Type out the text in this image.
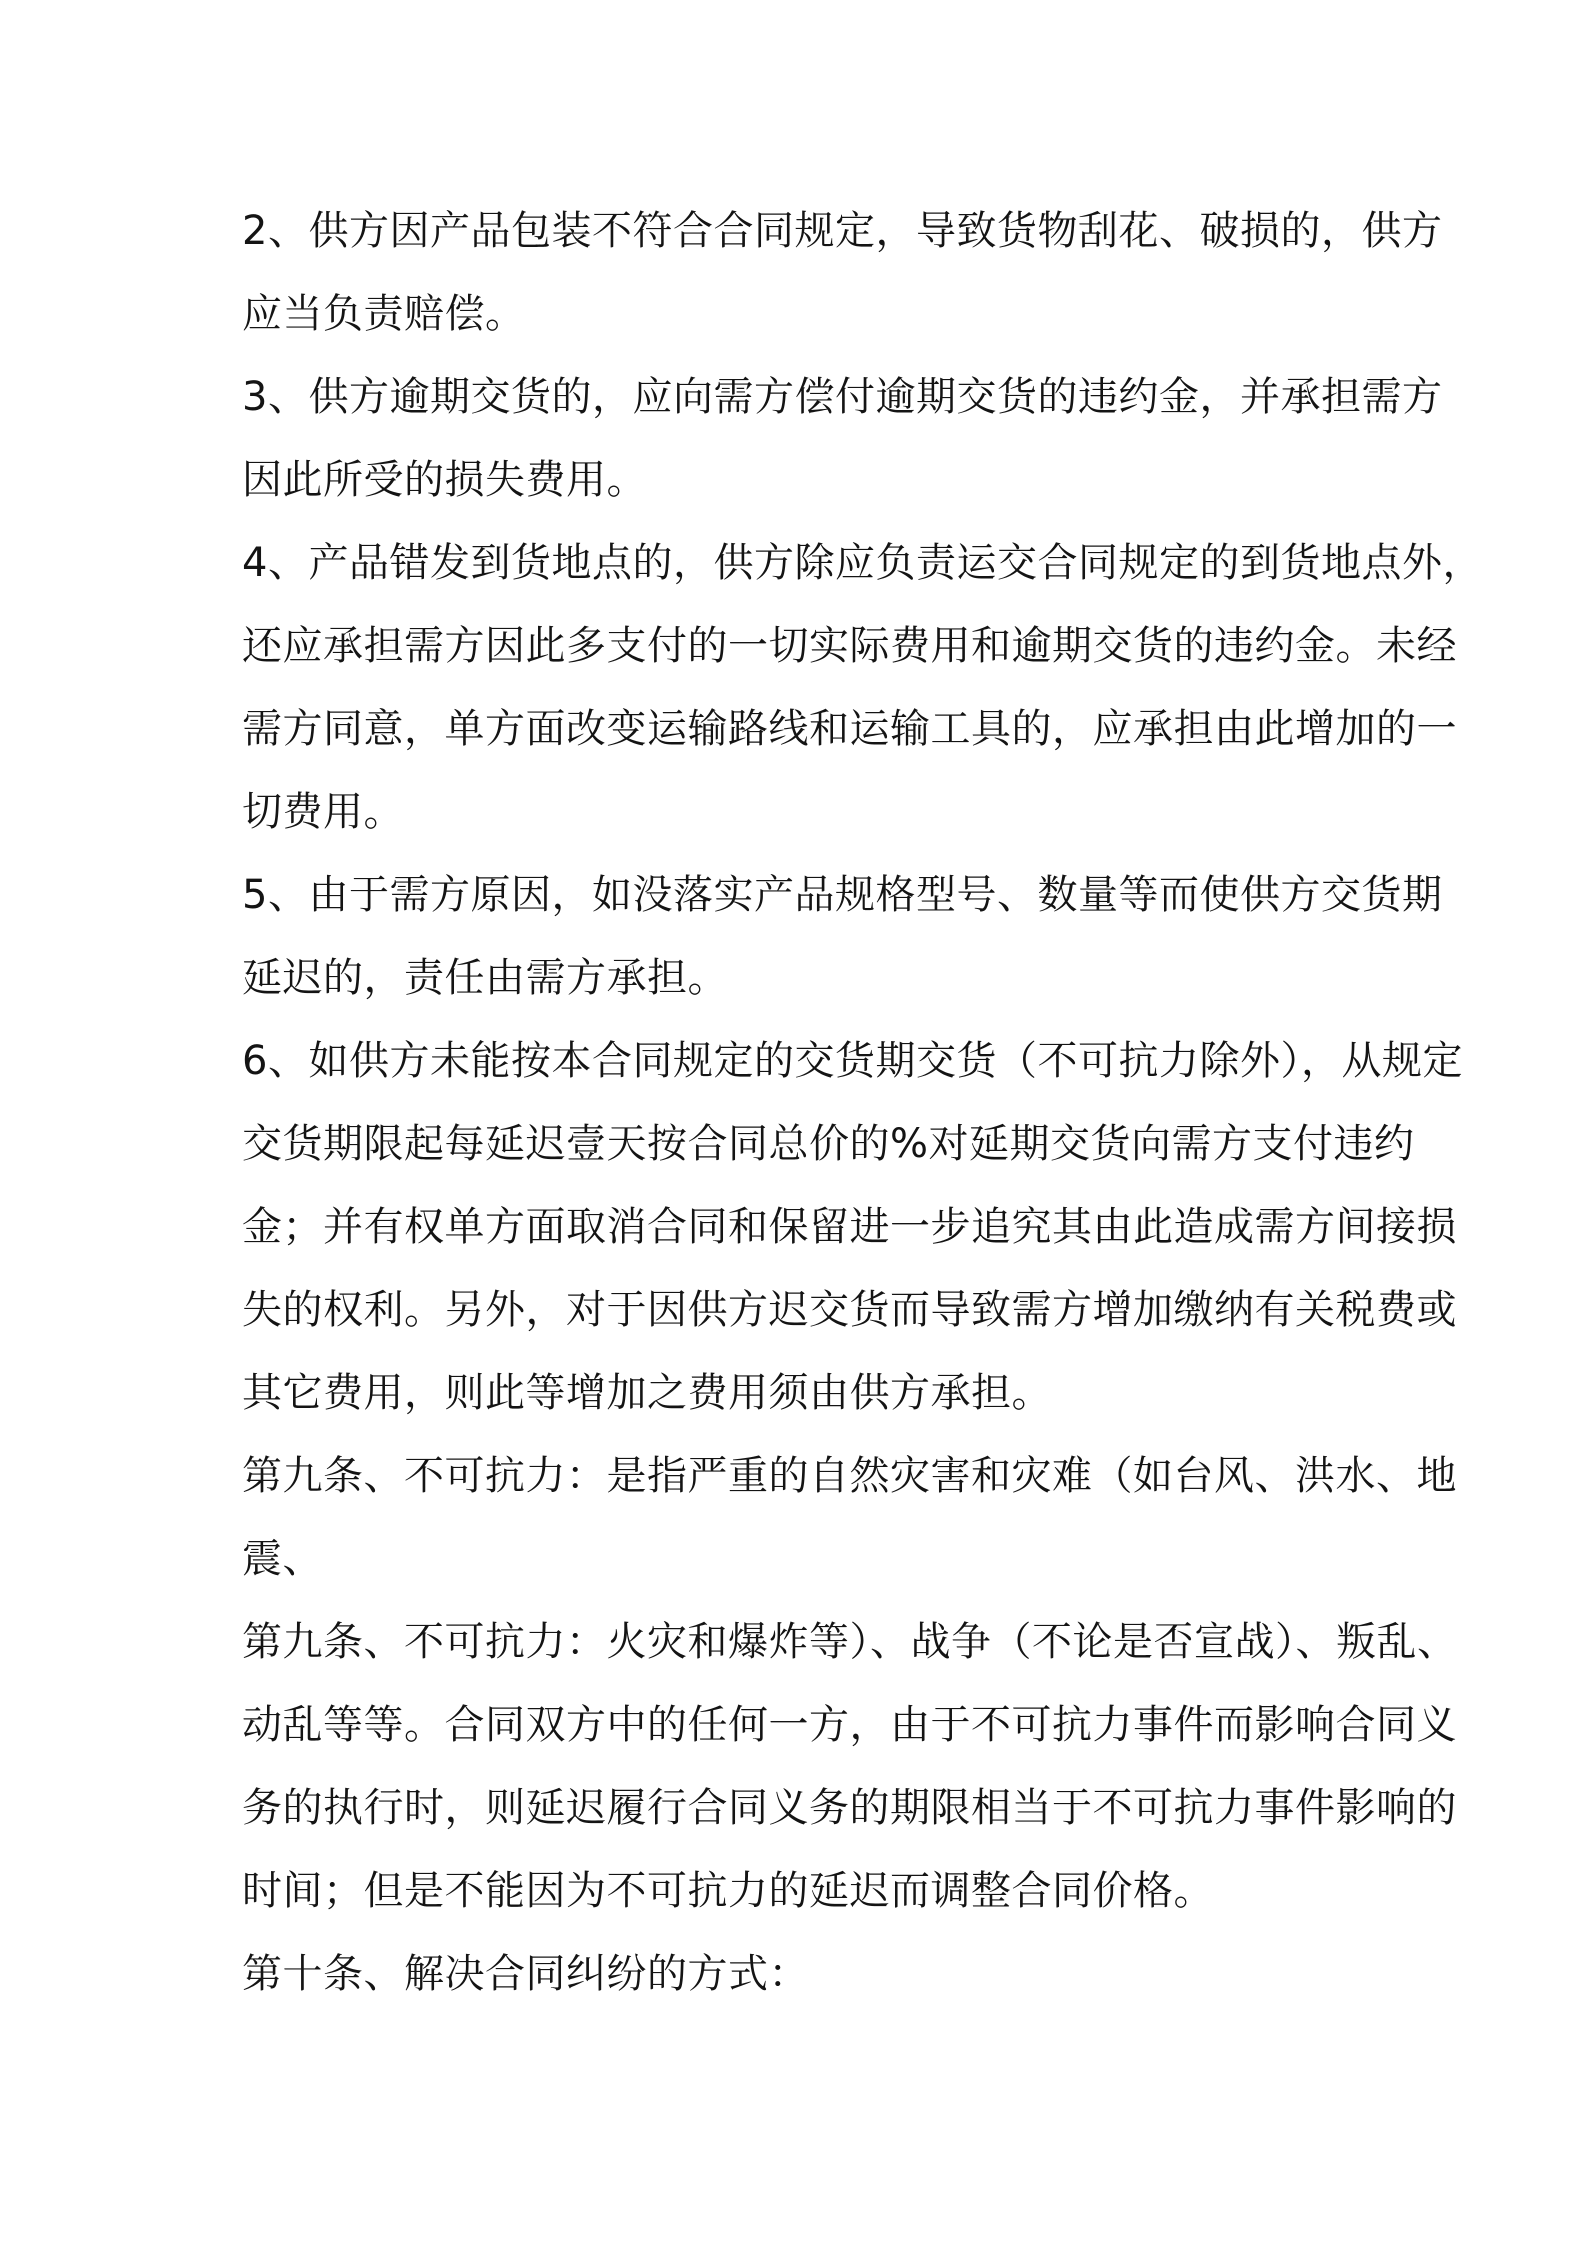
2、供方因产品包装不符合合同规定，导致货物刮花、破损的，供方
应当负责赔偿。

3、供方逾期交货的，应向需方偿付逾期交货的违约金，并承担需方
因此所受的损失费用。

4、产品错发到货地点的，供方除应负责运交合同规定的到货地点外，
还应承担需方因此多支付的一切实际费用和逾期交货的违约金。未经
需方同意，单方面改变运输路线和运输工具的，应承担由此增加的一
切费用。

5、由于需方原因，如没落实产品规格型号、数量等而使供方交货期
延迟的，责任由需方承担。

6、如供方未能按本合同规定的交货期交货（不可抗力除外），从规定
交货期限起每延迟壹天按合同总价的%对延期交货向需方支付违约
金；并有权单方面取消合同和保留进一步追究其由此造成需方间接损
失的权利。另外，对于因供方迟交货而导致需方增加缴纳有关税费或
其它费用，则此等增加之费用须由供方承担。

第九条、不可抗力：是指严重的自然灾害和灾难（如台风、洪水、地
震、

第九条、不可抗力：火灾和爆炸等）、战争（不论是否宣战）、叛乱、
动乱等等。合同双方中的任何一方，由于不可抗力事件而影响合同义
务的执行时，则延迟履行合同义务的期限相当于不可抗力事件影响的
时间；但是不能因为不可抗力的延迟而调整合同价格。

第十条、解决合同纠纷的方式：
